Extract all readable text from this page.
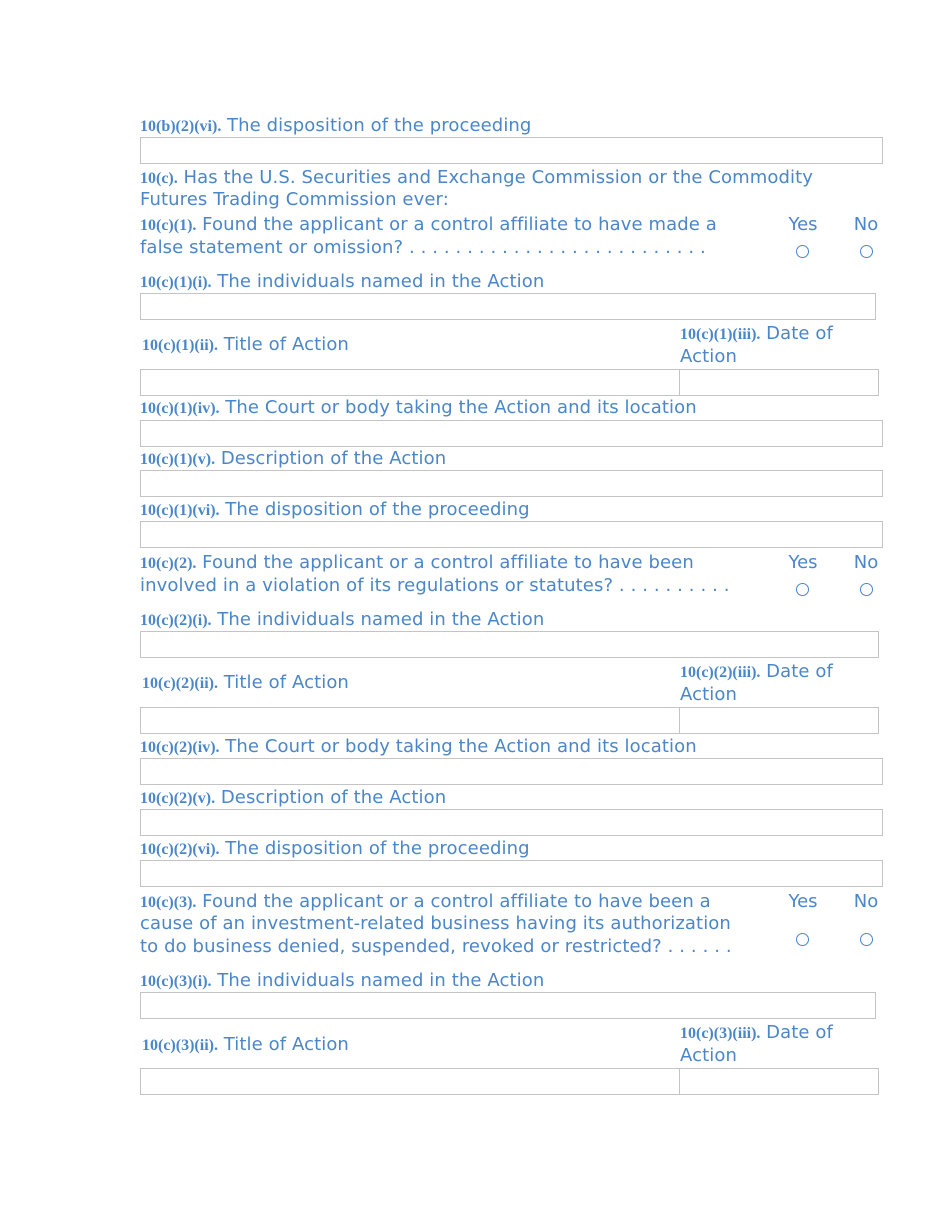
10(b)(2)(vi). The disposition of the proceeding
10(c). Has the U.S. Securities and Exchange Commission or the Commodity
Futures Trading Commission ever:
10(c)(1). Found the applicant or a control affiliate to have made a
false statement or omission? . . . . . . . . . . . . . . . . . . . . . . . . . .
Yes	No
10(c)(1)(i). The individuals named in the Action
10(c)(1)(ii). Title of Action	10(c)(1)(iii). Date of
Action
10(c)(1)(iv). The Court or body taking the Action and its location
10(c)(1)(v). Description of the Action
10(c)(1)(vi). The disposition of the proceeding
10(c)(2). Found the applicant or a control affiliate to have been
involved in a violation of its regulations or statutes? . . . . . . . . . .
Yes	No
10(c)(2)(i). The individuals named in the Action
10(c)(2)(ii). Title of Action	10(c)(2)(iii). Date of
Action
10(c)(2)(iv). The Court or body taking the Action and its location
10(c)(2)(v). Description of the Action
10(c)(2)(vi). The disposition of the proceeding
10(c)(3). Found the applicant or a control affiliate to have been a
cause of an investment-related business having its authorization
to do business denied, suspended, revoked or restricted? . . . . . .
Yes	No
10(c)(3)(i). The individuals named in the Action
10(c)(3)(ii). Title of Action
10(c)(3)(iii). Date of
Action
